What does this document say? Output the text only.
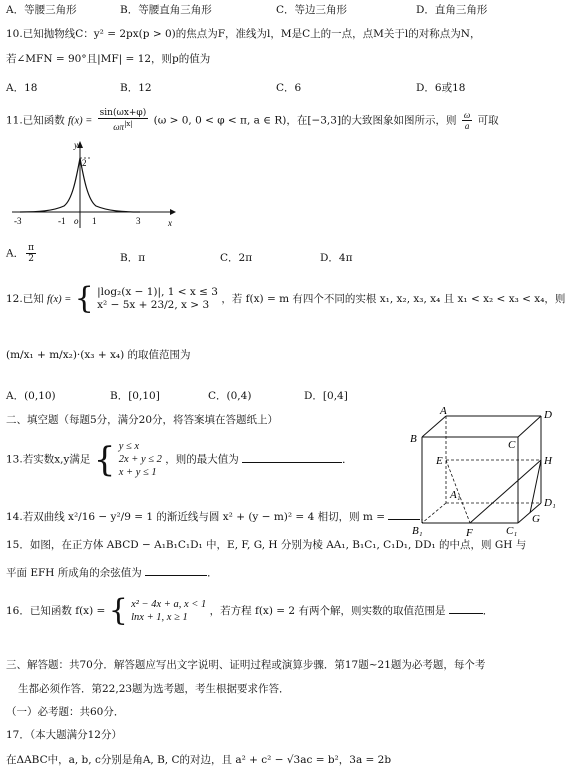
A．等腰三角形	B．等腰直角三角形	C．等边三角形	D．直角三角形
10.已知抛物线C：y² = 2px(p > 0)的焦点为F，准线为l，M是C上的一点，点M关于l的对称点为N，
若∠MFN = 90°且|MF| = 12，则p的值为
A．18	B．12	C．6	D．6或18
11.已知函数 $f(x) = \frac{\sin(\omega x+\varphi)}{\omega\pi^{|x|}} (\omega > 0$, 0 < φ < π, a ∈ R)，在[−3,3]的大致图象如图所示，则 $\frac{\omega}{a}$ 可取
y
x
2
-3	-1 o 1	3
A． $\frac{\pi}{2}$	B．π	C．2π	D．4π
12.已知 f(x) = { |log₂(x − 1)|, 1 < x ≤ 3
x² − 5x + 23/2, x > 3	，若 f(x) = m 有四个不同的实根 x₁, x₂, x₃, x₄ 且 x₁ < x₂ < x₃ < x₄，则
(m/x₁ + m/x₂)·(x₃ + x₄) 的取值范围为
A．(0,10)	B．[0,10]	C．(0,4)	D．[0,4]
二、填空题（每题5分，满分20分，将答案填在答题纸上）
13.若实数x,y满足 { y ≤ x
2x + y ≤ 2
x + y ≤ 1
，则的最大值为	．
14.若双曲线 x²/16 − y²/9 = 1 的渐近线与圆 x² + (y − m)² = 4 相切，则 m =	．
A	D
B	C
E	H
A₁
D₁
B₁	F	C₁
G
15．如图，在正方体 ABCD − A₁B₁C₁D₁ 中，E, F, G, H 分别为棱 AA₁, B₁C₁, C₁D₁, DD₁ 的中点，则 GH 与
平面 EFH 所成角的余弦值为	．
16．已知函数 f(x) = { x² − 4x + a, x < 1
lnx + 1, x ≥ 1
，若方程 f(x) = 2 有两个解，则实数的取值范围是	．
三、解答题：共70分．解答题应写出文字说明、证明过程或演算步骤．第17题~21题为必考题，每个考
生都必须作答．第22,23题为选考题，考生根据要求作答．
（一）必考题：共60分．
17．（本大题满分12分）
在ΔABC中，a, b, c分别是角A, B, C的对边，且 a² + c² − √3ac = b²，3a = 2b
